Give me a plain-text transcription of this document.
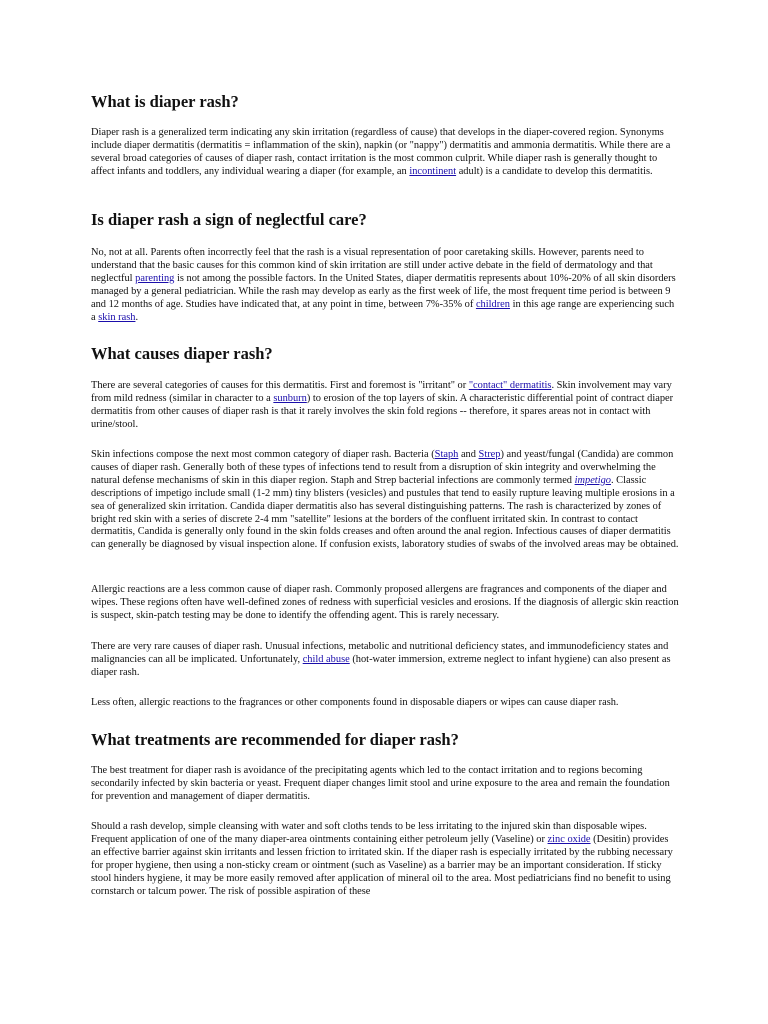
What is diaper rash?

Diaper rash is a generalized term indicating any skin irritation (regardless of cause) that develops in the diaper-covered region. Synonyms include diaper dermatitis (dermatitis = inflammation of the skin), napkin (or "nappy") dermatitis and ammonia dermatitis. While there are a several broad categories of causes of diaper rash, contact irritation is the most common culprit. While diaper rash is generally thought to affect infants and toddlers, any individual wearing a diaper (for example, an incontinent adult) is a candidate to develop this dermatitis.

Is diaper rash a sign of neglectful care?

No, not at all. Parents often incorrectly feel that the rash is a visual representation of poor caretaking skills. However, parents need to understand that the basic causes for this common kind of skin irritation are still under active debate in the field of dermatology and that neglectful parenting is not among the possible factors. In the United States, diaper dermatitis represents about 10%-20% of all skin disorders managed by a general pediatrician. While the rash may develop as early as the first week of life, the most frequent time period is between 9 and 12 months of age. Studies have indicated that, at any point in time, between 7%-35% of children in this age range are experiencing such a skin rash.

What causes diaper rash?

There are several categories of causes for this dermatitis. First and foremost is "irritant" or "contact" dermatitis. Skin involvement may vary from mild redness (similar in character to a sunburn) to erosion of the top layers of skin. A characteristic differential point of contract diaper dermatitis from other causes of diaper rash is that it rarely involves the skin fold regions -- therefore, it spares areas not in contact with urine/stool.

Skin infections compose the next most common category of diaper rash. Bacteria (Staph and Strep) and yeast/fungal (Candida) are common causes of diaper rash. Generally both of these types of infections tend to result from a disruption of skin integrity and overwhelming the natural defense mechanisms of skin in this diaper region. Staph and Strep bacterial infections are commonly termed impetigo. Classic descriptions of impetigo include small (1-2 mm) tiny blisters (vesicles) and pustules that tend to easily rupture leaving multiple erosions in a sea of generalized skin irritation. Candida diaper dermatitis also has several distinguishing patterns. The rash is characterized by zones of bright red skin with a series of discrete 2-4 mm "satellite" lesions at the borders of the confluent irritated skin. In contrast to contact dermatitis, Candida is generally only found in the skin folds creases and often around the anal region. Infectious causes of diaper dermatitis can generally be diagnosed by visual inspection alone. If confusion exists, laboratory studies of swabs of the involved areas may be obtained.

Allergic reactions are a less common cause of diaper rash. Commonly proposed allergens are fragrances and components of the diaper and wipes. These regions often have well-defined zones of redness with superficial vesicles and erosions. If the diagnosis of allergic skin reaction is suspect, skin-patch testing may be done to identify the offending agent. This is rarely necessary.

There are very rare causes of diaper rash. Unusual infections, metabolic and nutritional deficiency states, and immunodeficiency states and malignancies can all be implicated. Unfortunately, child abuse (hot-water immersion, extreme neglect to infant hygiene) can also present as diaper rash.

Less often, allergic reactions to the fragrances or other components found in disposable diapers or wipes can cause diaper rash.

What treatments are recommended for diaper rash?

The best treatment for diaper rash is avoidance of the precipitating agents which led to the contact irritation and to regions becoming secondarily infected by skin bacteria or yeast. Frequent diaper changes limit stool and urine exposure to the area and remain the foundation for prevention and management of diaper dermatitis.

Should a rash develop, simple cleansing with water and soft cloths tends to be less irritating to the injured skin than disposable wipes. Frequent application of one of the many diaper-area ointments containing either petroleum jelly (Vaseline) or zinc oxide (Desitin) provides an effective barrier against skin irritants and lessen friction to irritated skin. If the diaper rash is especially irritated by the rubbing necessary for proper hygiene, then using a non-sticky cream or ointment (such as Vaseline) as a barrier may be an important consideration. If sticky stool hinders hygiene, it may be more easily removed after application of mineral oil to the area. Most pediatricians find no benefit to using cornstarch or talcum power. The risk of possible aspiration of these
